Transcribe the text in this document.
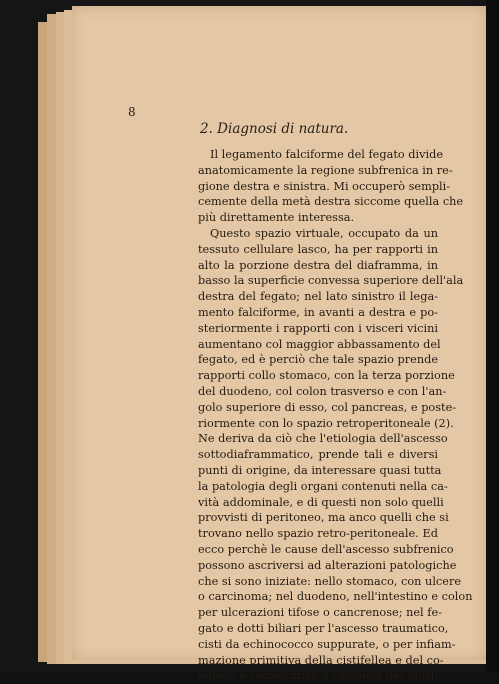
8
2. Diagnosi di natura.
Il legamento falciforme del fegato divide
anatomicamente la regione subfrenica in re-
gione destra e sinistra. Mi occuperò sempli-
cemente della metà destra siccome quella che
più direttamente interessa.
Questo spazio virtuale, occupato da un
tessuto cellulare lasco, ha per rapporti in
alto la porzione destra del diaframma, in
basso la superficie convessa superiore dell'ala
destra del fegato; nel lato sinistro il lega-
mento falciforme, in avanti a destra e po-
steriormente i rapporti con i visceri vicini
aumentano col maggior abbassamento del
fegato, ed è perciò che tale spazio prende
rapporti collo stomaco, con la terza porzione
del duodeno, col colon trasverso e con l'an-
golo superiore di esso, col pancreas, e poste-
riormente con lo spazio retroperitoneale (2).
Ne deriva da ciò che l'etiologia dell'ascesso
sottodiaframmatico, prende tali e diversi
punti di origine, da interessare quasi tutta
la patologia degli organi contenuti nella ca-
vità addominale, e di questi non solo quelli
provvisti di peritoneo, ma anco quelli che si
trovano nello spazio retro-peritoneale. Ed
ecco perchè le cause dell'ascesso subfrenico
possono ascriversi ad alterazioni patologiche
che si sono iniziate: nello stomaco, con ulcere
o carcinoma; nel duodeno, nell'intestino e colon
per ulcerazioni tifose o cancrenose; nel fe-
gato e dotti biliari per l'ascesso traumatico,
cisti da echinococco suppurate, o per infiam-
mazione primitiva della cistifellea e del co-
ledoco o consecutiva a calcolosi dei dotti;
